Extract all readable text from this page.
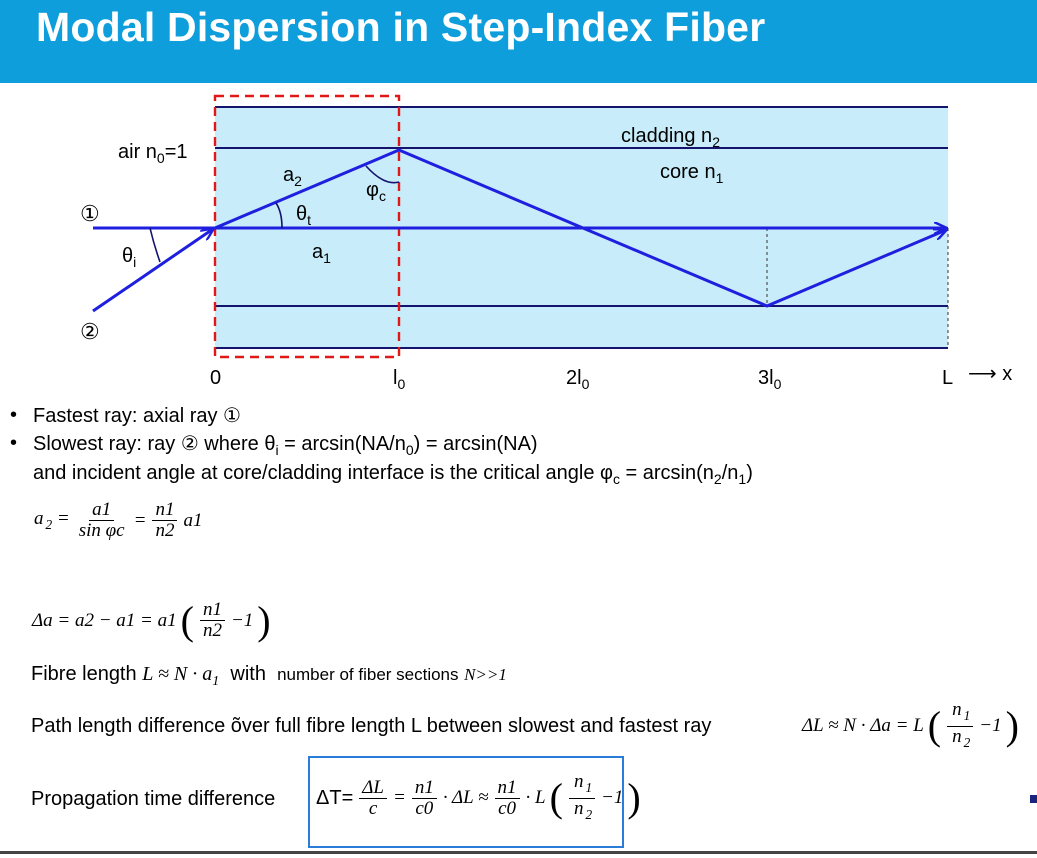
Modal Dispersion in Step-Index Fiber
cladding $n_2$
core $n_1$
air $n_0=1$
①
②
$\theta_i$
$\theta_t$
$\varphi_c$
$a_2$
$a_1$
0	$l_0$	$2l_0$	$3l_0$	L ⟶ x
• Fastest ray: axial ray ①
• Slowest ray: ray ② where $\theta_i = \arcsin(NA/n_0) = \arcsin(NA)$
and incident angle at core/cladding interface is the critical angle $\varphi_c = \arcsin(n_2/n_1)$
a $_2 = \frac{a1}{\text{sin φc}} = \frac{n1}{n2} a1$
Δa = a2 − a1 = a1 ( $\frac{n1}{n2} -1$ )
Fibre length $L \approx N \cdot a_1$ with number of fiber sections N>>1
Path length difference õver full fibre length L between slowest and fastest ray	ΔL ≈ N · Δa = L ( $\frac{n _1}{n _2} -1$ )
Propagation time difference $\Delta T= \frac{\Delta L}{c} = \frac{n1}{c0} \cdot \Delta L \approx \frac{n1}{c0} \cdot L$ ( $\frac{n _1}{n _2} -1$ )
